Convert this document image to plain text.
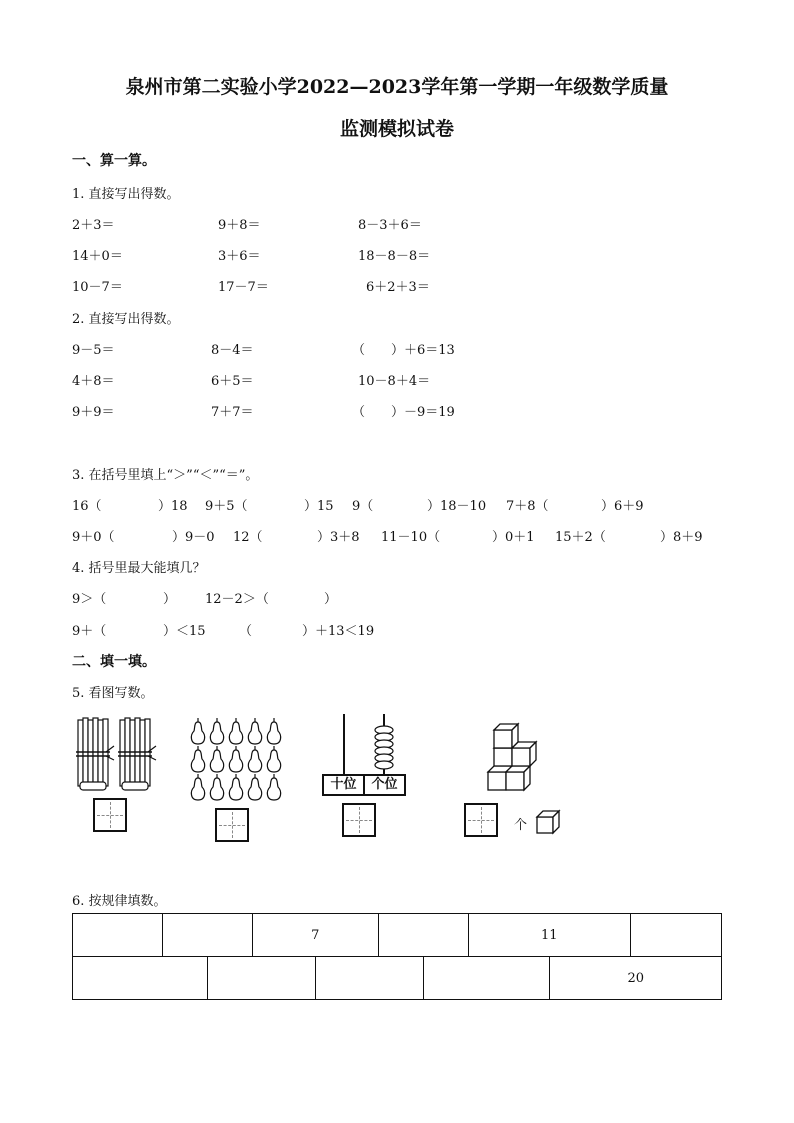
泉州市第二实验小学2022—2023学年第一学期一年级数学质量
监测模拟试卷
一、算一算。
1. 直接写出得数。
2＋3＝	9＋8＝	8－3＋6＝
14＋0＝	3＋6＝	18－8－8＝
10－7＝	17－7＝	6＋2＋3＝
2. 直接写出得数。
9－5＝	8－4＝	（　　）＋6＝13
4＋8＝	6＋5＝	10－8＋4＝
9＋9＝	7＋7＝	（　　）－9＝19
3. 在括号里填上“＞”“＜”“＝”。
16（	）18 9＋5（	）15 9（	）18－10 7＋8（	）6＋9
9＋0（	）9－0 12（	）3＋8 11－10（	）0＋1 15＋2（	）8＋9
4. 括号里最大能填几？
9＞（	） 12－2＞（	）
9＋（	）＜15	（	）＋13＜19
二、填一填。
5. 看图写数。
十位	个位
个
6. 按规律填数。
		7		11	
				20
